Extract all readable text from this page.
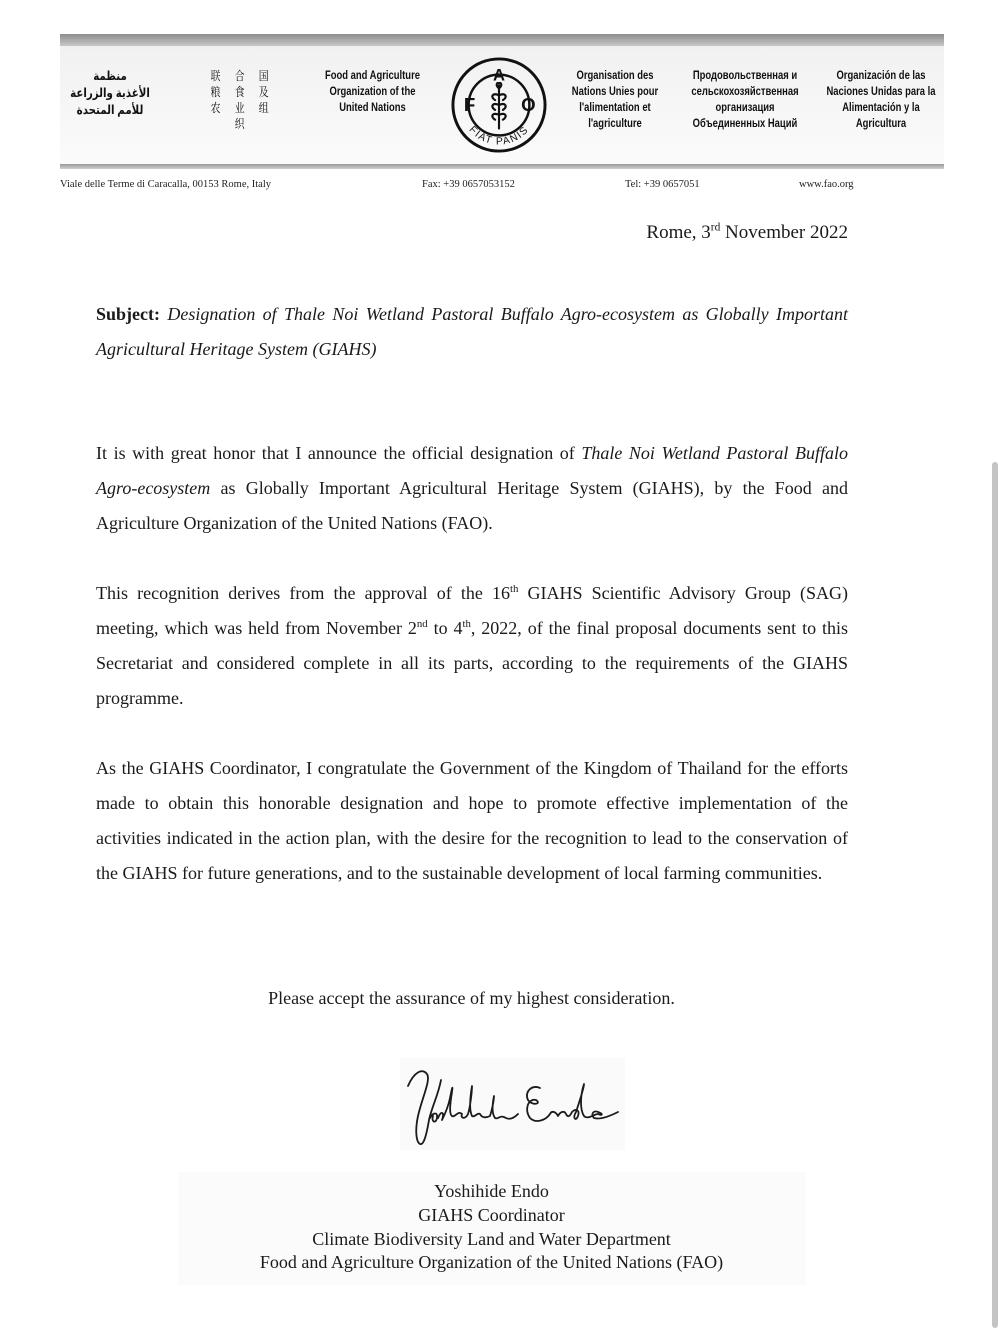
منظمة
الأغذية والزراعة
للأمم المتحدة
联 合 国
粮 食 及
农 业 组 织
Food and Agriculture
Organization of the
United Nations	F
A
O
FIAT PANIS
Organisation des
Nations Unies pour
l'alimentation et
l'agriculture
Продовольственная и
сельскохозяйственная
организация
Объединенных Наций
Organización de las
Naciones Unidas para la
Alimentación y la
Agricultura
Viale delle Terme di Caracalla, 00153 Rome, Italy	Fax: +39 0657053152	Tel: +39 0657051	www.fao.org
Rome, 3rd November 2022

Subject: Designation of Thale Noi Wetland Pastoral Buffalo Agro-ecosystem as Globally Important Agricultural Heritage System (GIAHS)

It is with great honor that I announce the official designation of Thale Noi Wetland Pastoral Buffalo Agro-ecosystem as Globally Important Agricultural Heritage System (GIAHS), by the Food and Agriculture Organization of the United Nations (FAO).

This recognition derives from the approval of the 16th GIAHS Scientific Advisory Group (SAG) meeting, which was held from November 2nd to 4th, 2022, of the final proposal documents sent to this Secretariat and considered complete in all its parts, according to the requirements of the GIAHS programme.

As the GIAHS Coordinator, I congratulate the Government of the Kingdom of Thailand for the efforts made to obtain this honorable designation and hope to promote effective implementation of the activities indicated in the action plan, with the desire for the recognition to lead to the conservation of the GIAHS for future generations, and to the sustainable development of local farming communities.

Please accept the assurance of my highest consideration.
Yoshihide Endo
GIAHS Coordinator
Climate Biodiversity Land and Water Department
Food and Agriculture Organization of the United Nations (FAO)
